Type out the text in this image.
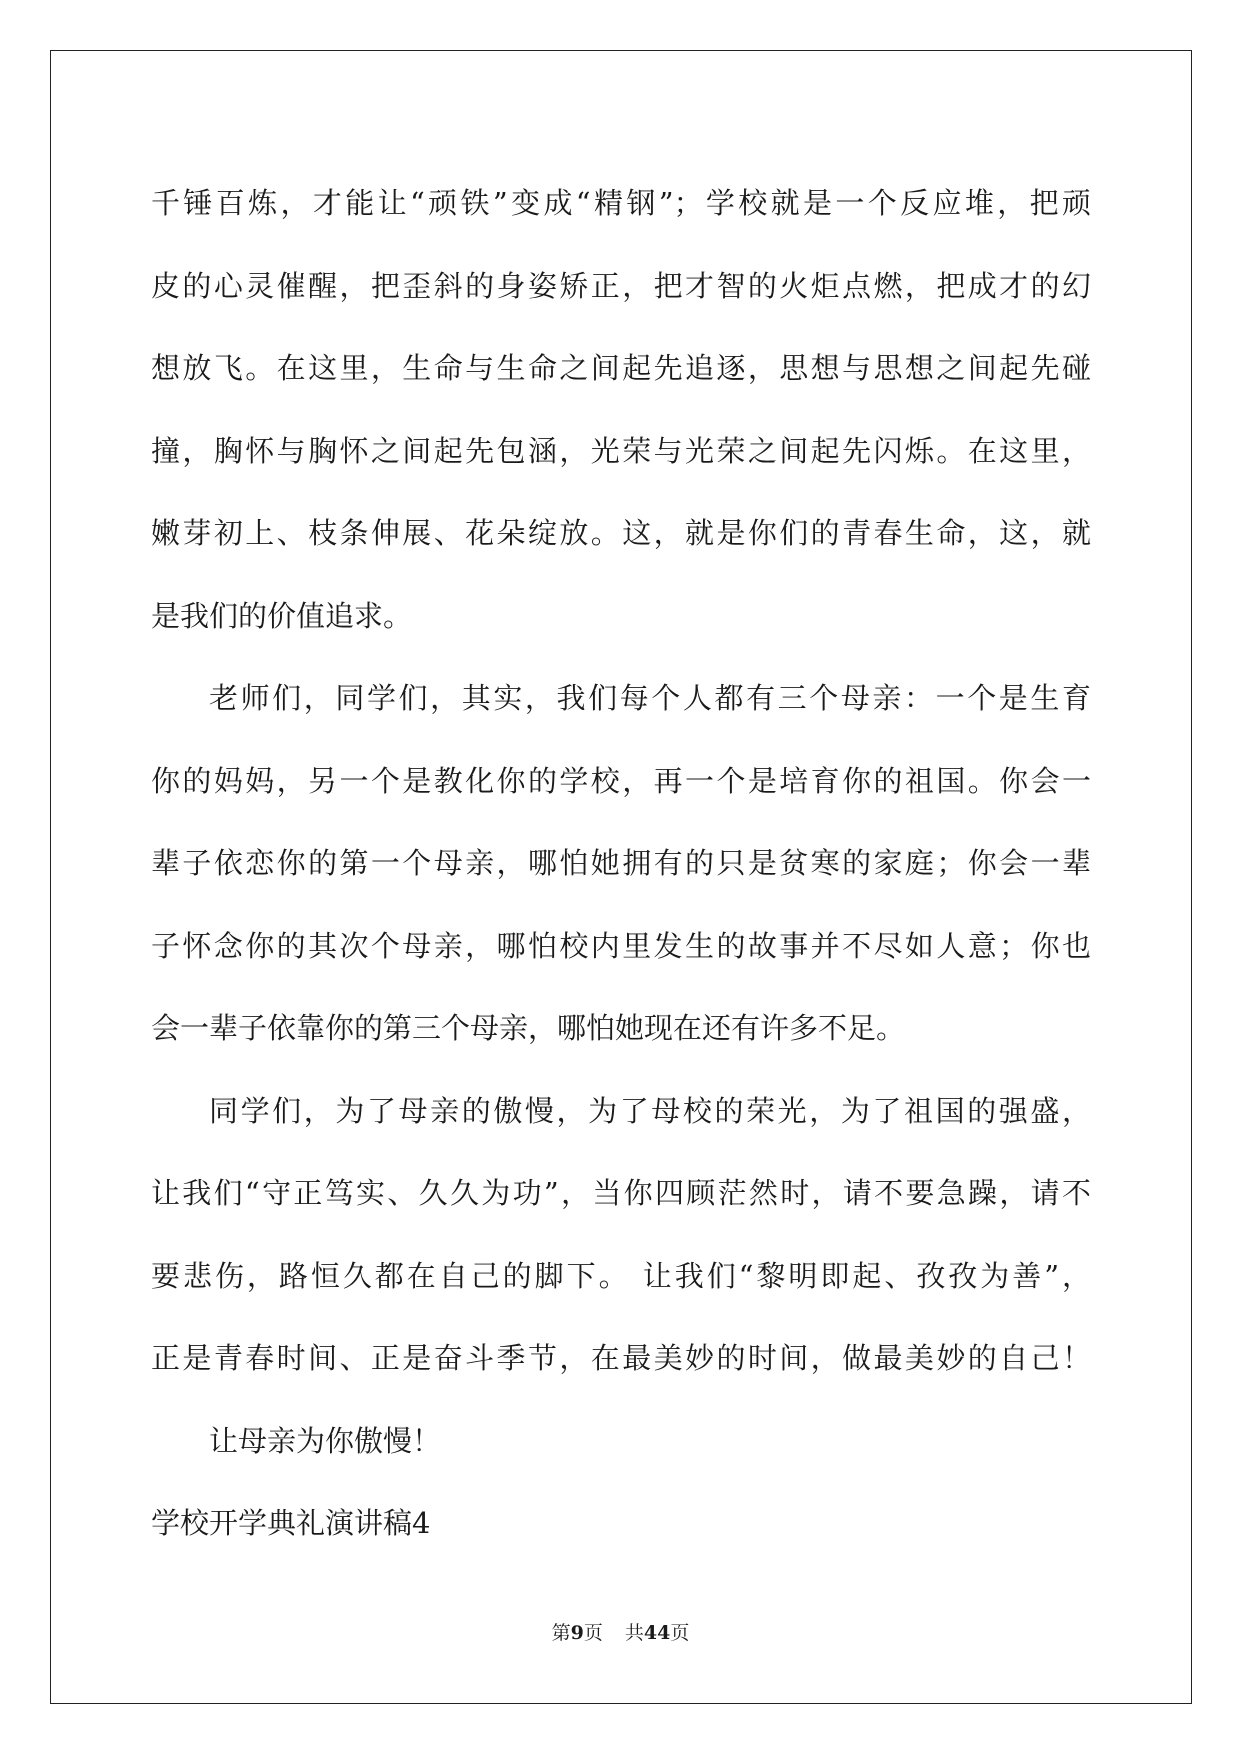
千锤百炼，才能让“顽铁”变成“精钢”；学校就是一个反应堆，把顽
皮的心灵催醒，把歪斜的身姿矫正，把才智的火炬点燃，把成才的幻
想放飞。在这里，生命与生命之间起先追逐，思想与思想之间起先碰
撞，胸怀与胸怀之间起先包涵，光荣与光荣之间起先闪烁。在这里，
嫩芽初上、枝条伸展、花朵绽放。这，就是你们的青春生命，这，就
是我们的价值追求。
老师们，同学们，其实，我们每个人都有三个母亲：一个是生育
你的妈妈，另一个是教化你的学校，再一个是培育你的祖国。你会一
辈子依恋你的第一个母亲，哪怕她拥有的只是贫寒的家庭；你会一辈
子怀念你的其次个母亲，哪怕校内里发生的故事并不尽如人意；你也
会一辈子依靠你的第三个母亲，哪怕她现在还有许多不足。
同学们，为了母亲的傲慢，为了母校的荣光，为了祖国的强盛，
让我们“守正笃实、久久为功”，当你四顾茫然时，请不要急躁，请不
要悲伤，路恒久都在自己的脚下。 让我们“黎明即起、孜孜为善”，
正是青春时间、正是奋斗季节，在最美妙的时间，做最美妙的自己！
让母亲为你傲慢！
学校开学典礼演讲稿4
第9页 共44页
